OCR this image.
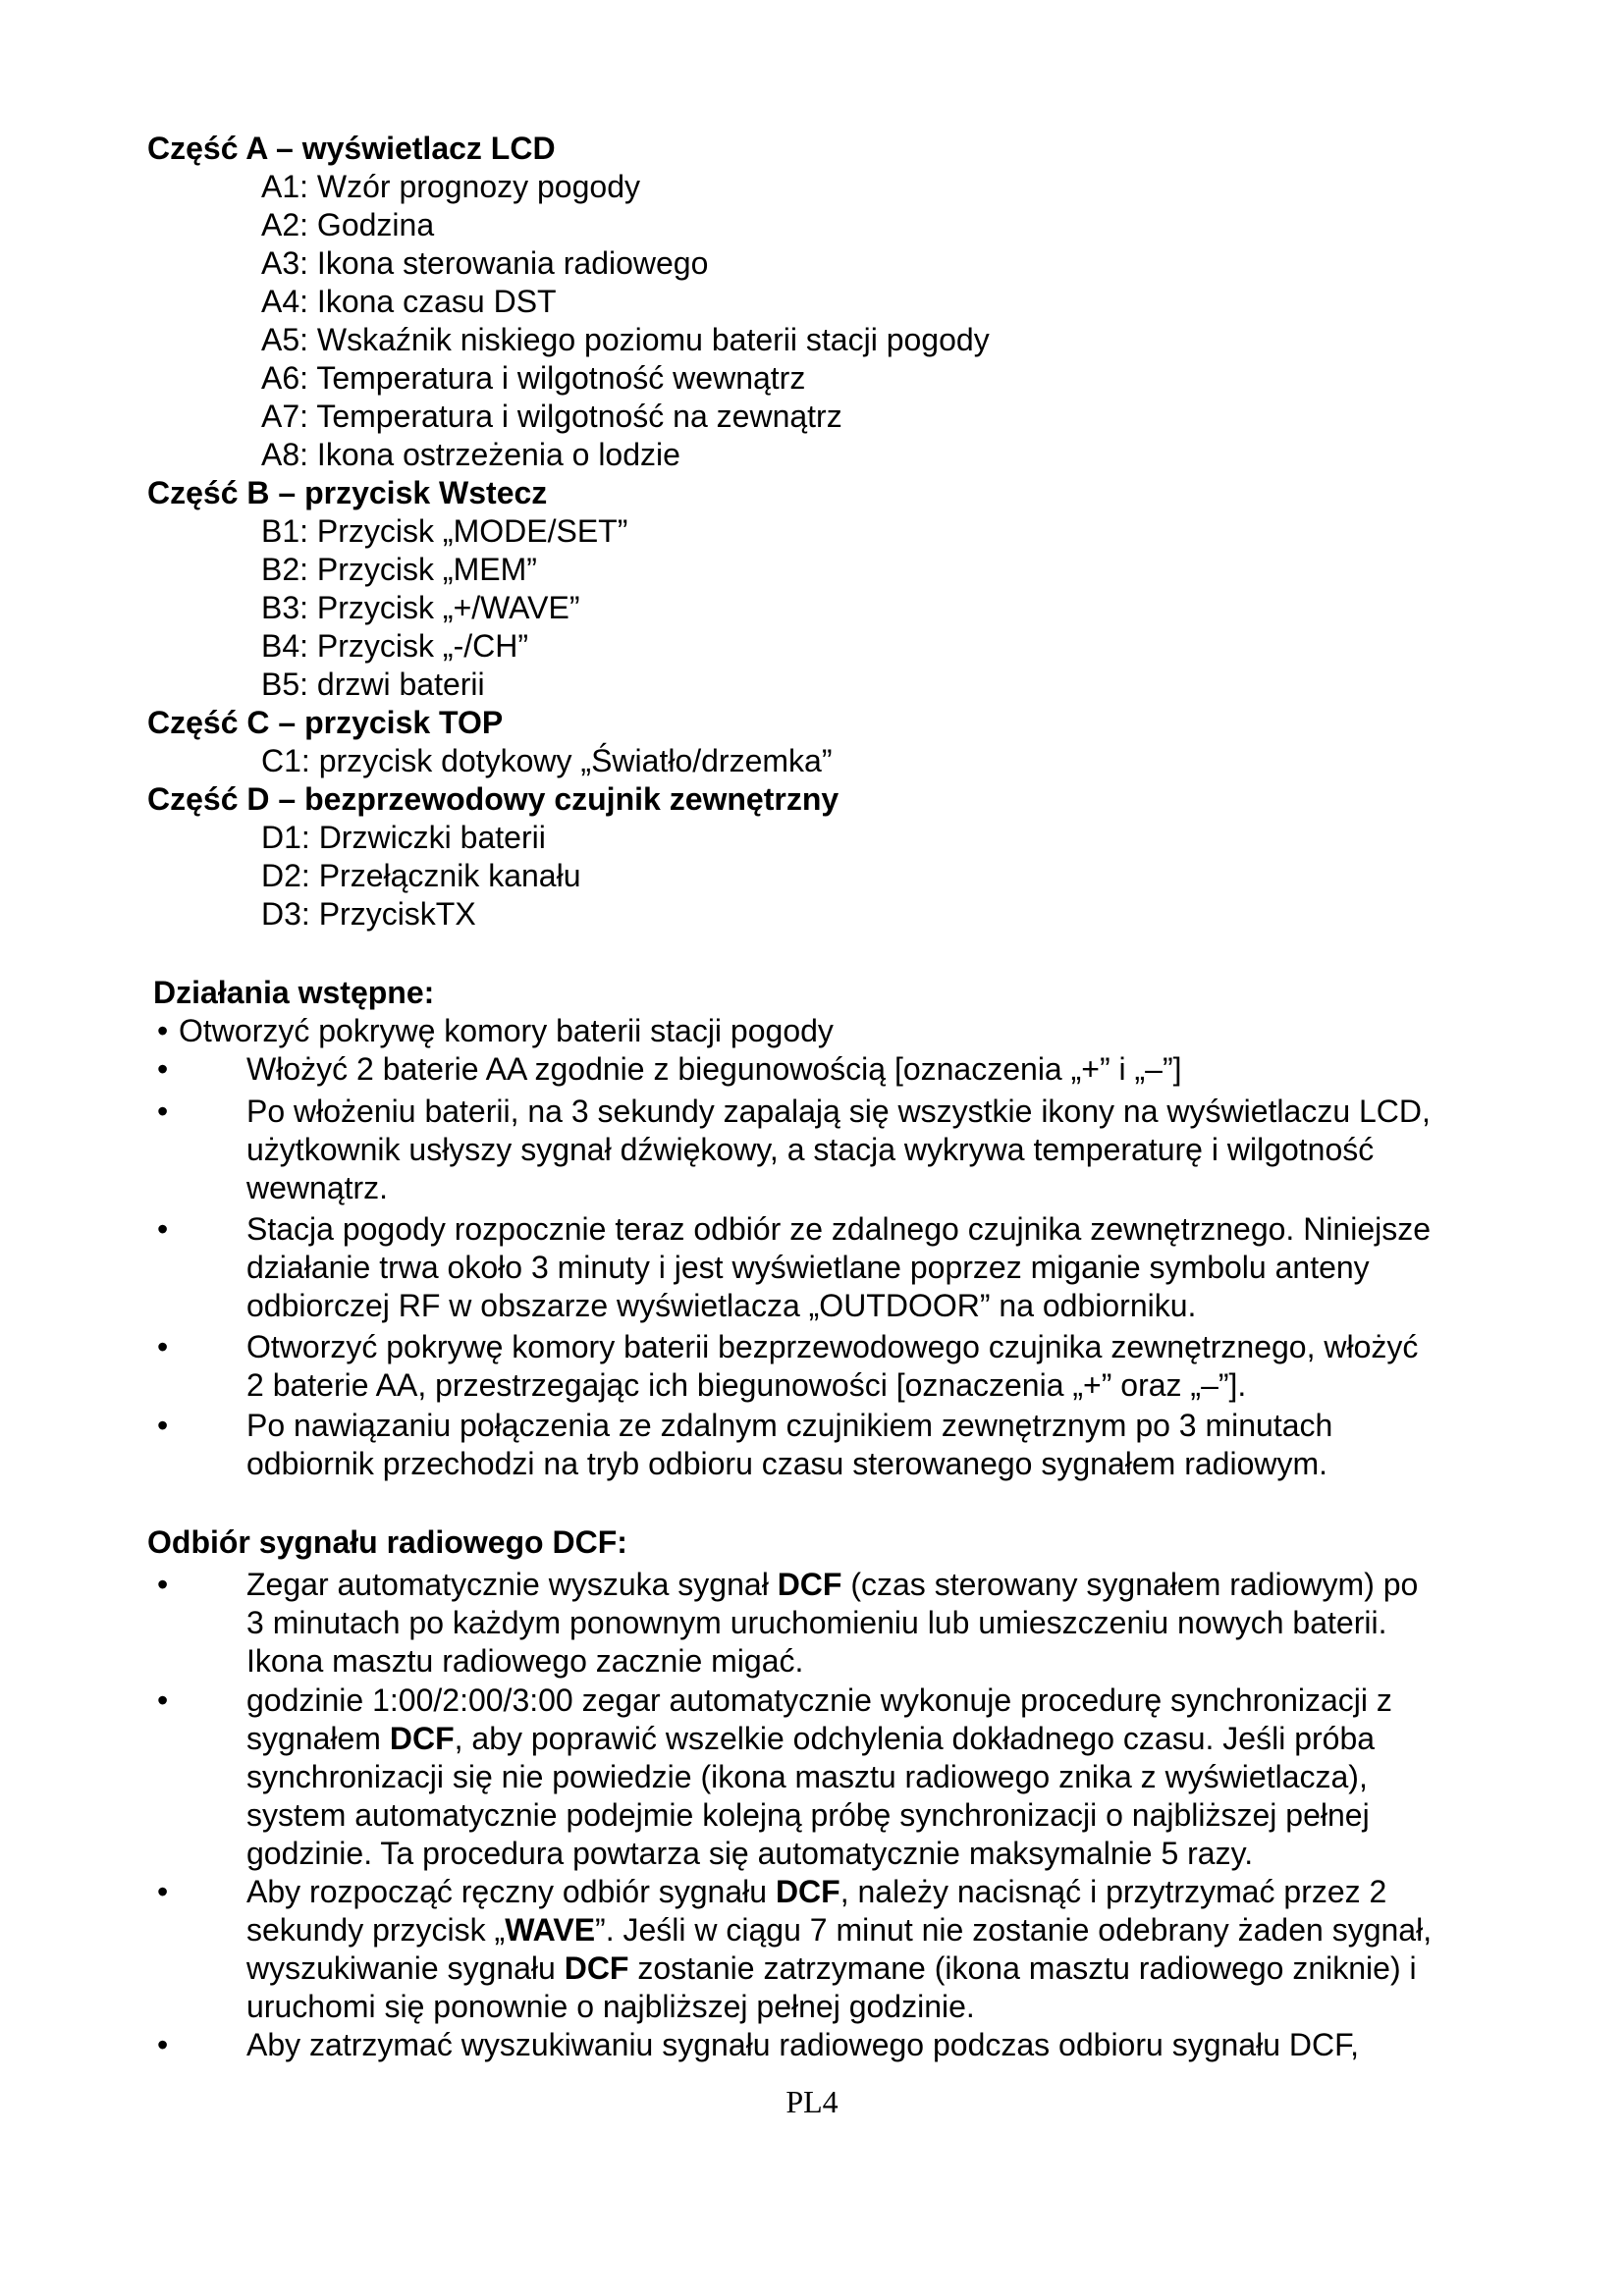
Część A – wyświetlacz LCD
A1: Wzór prognozy pogody
A2: Godzina
A3: Ikona sterowania radiowego
A4: Ikona czasu DST
A5: Wskaźnik niskiego poziomu baterii stacji pogody
A6: Temperatura i wilgotność wewnątrz
A7: Temperatura i wilgotność na zewnątrz
A8: Ikona ostrzeżenia o lodzie
Część B – przycisk Wstecz
B1: Przycisk „MODE/SET”
B2: Przycisk „MEM”
B3: Przycisk „+/WAVE”
B4: Przycisk „-/CH”
B5: drzwi baterii
Część C – przycisk TOP
C1: przycisk dotykowy „Światło/drzemka”
Część D – bezprzewodowy czujnik zewnętrzny
D1: Drzwiczki baterii
D2: Przełącznik kanału
D3: PrzyciskTX
Działania wstępne:
• Otworzyć pokrywę komory baterii stacji pogody
• Włożyć 2 baterie AA zgodnie z biegunowością [oznaczenia „+” i „–”]
• Po włożeniu baterii, na 3 sekundy zapalają się wszystkie ikony na wyświetlaczu LCD,
użytkownik usłyszy sygnał dźwiękowy, a stacja wykrywa temperaturę i wilgotność
wewnątrz.
• Stacja pogody rozpocznie teraz odbiór ze zdalnego czujnika zewnętrznego. Niniejsze
działanie trwa około 3 minuty i jest wyświetlane poprzez miganie symbolu anteny
odbiorczej RF w obszarze wyświetlacza „OUTDOOR” na odbiorniku.
• Otworzyć pokrywę komory baterii bezprzewodowego czujnika zewnętrznego, włożyć
2 baterie AA, przestrzegając ich biegunowości [oznaczenia „+” oraz „–”].
• Po nawiązaniu połączenia ze zdalnym czujnikiem zewnętrznym po 3 minutach
odbiornik przechodzi na tryb odbioru czasu sterowanego sygnałem radiowym.
Odbiór sygnału radiowego DCF:
• Zegar automatycznie wyszuka sygnał DCF (czas sterowany sygnałem radiowym) po
3 minutach po każdym ponownym uruchomieniu lub umieszczeniu nowych baterii.
Ikona masztu radiowego zacznie migać.
• godzinie 1:00/2:00/3:00 zegar automatycznie wykonuje procedurę synchronizacji z
sygnałem DCF, aby poprawić wszelkie odchylenia dokładnego czasu. Jeśli próba
synchronizacji się nie powiedzie (ikona masztu radiowego znika z wyświetlacza),
system automatycznie podejmie kolejną próbę synchronizacji o najbliższej pełnej
godzinie. Ta procedura powtarza się automatycznie maksymalnie 5 razy.
• Aby rozpocząć ręczny odbiór sygnału DCF, należy nacisnąć i przytrzymać przez 2
sekundy przycisk „WAVE”. Jeśli w ciągu 7 minut nie zostanie odebrany żaden sygnał,
wyszukiwanie sygnału DCF zostanie zatrzymane (ikona masztu radiowego zniknie) i
uruchomi się ponownie o najbliższej pełnej godzinie.
• Aby zatrzymać wyszukiwaniu sygnału radiowego podczas odbioru sygnału DCF,
PL4
